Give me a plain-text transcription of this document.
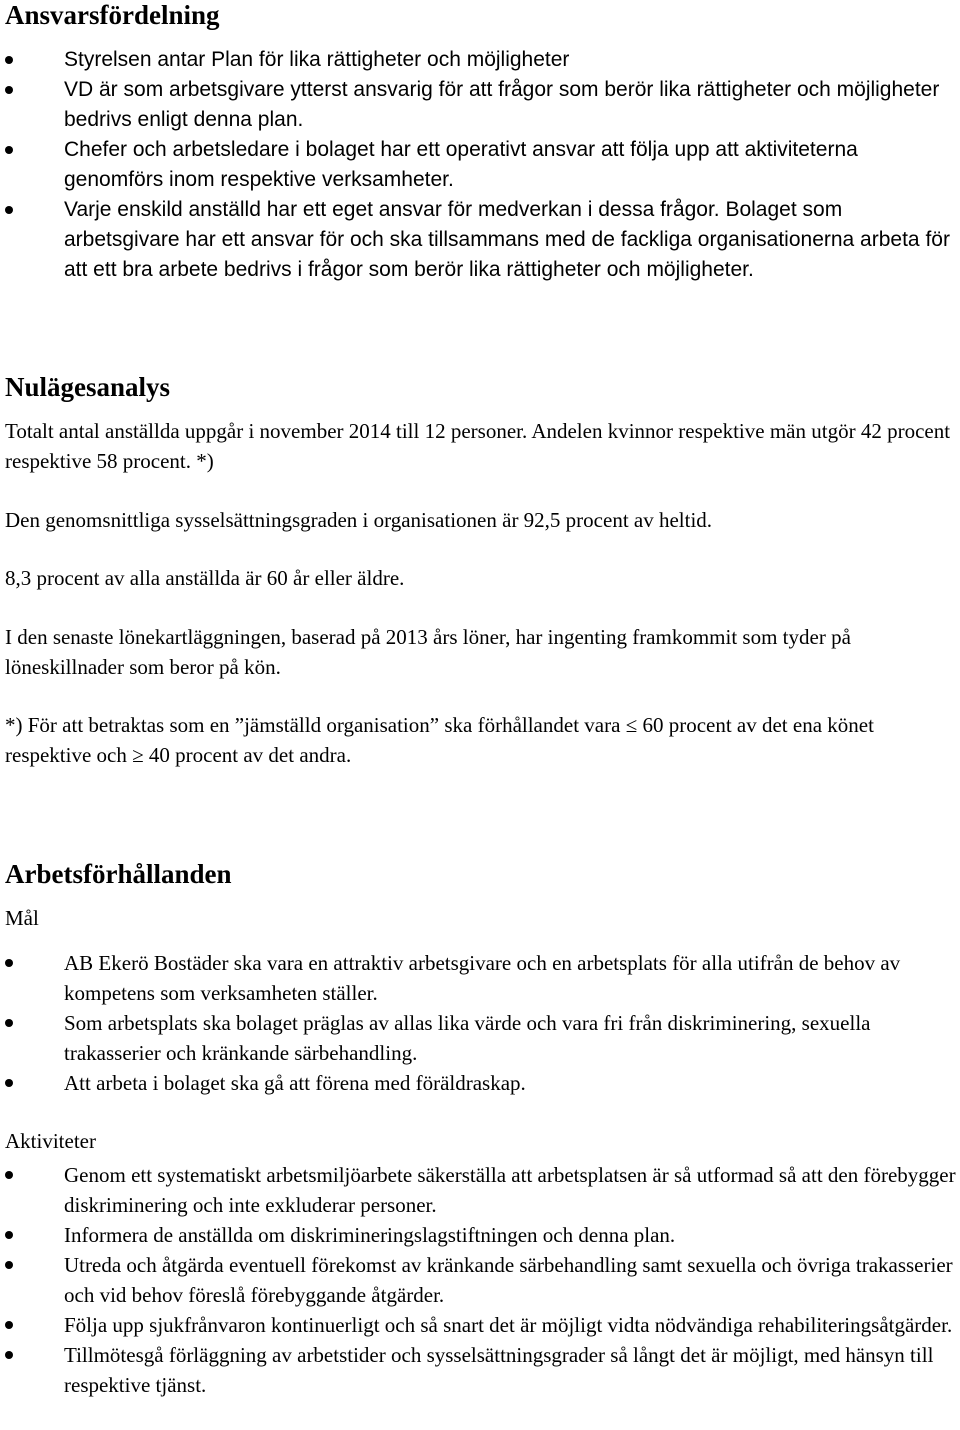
Ansvarsfördelning
Styrelsen antar Plan för lika rättigheter och möjligheter
VD är som arbetsgivare ytterst ansvarig för att frågor som berör lika rättigheter och möjligheter bedrivs enligt denna plan.
Chefer och arbetsledare i bolaget har ett operativt ansvar att följa upp att aktiviteterna genomförs inom respektive verksamheter.
Varje enskild anställd har ett eget ansvar för medverkan i dessa frågor. Bolaget som arbetsgivare har ett ansvar för och ska tillsammans med de fackliga organisationerna arbeta för att ett bra arbete bedrivs i frågor som berör lika rättigheter och möjligheter.
Nulägesanalys

Totalt antal anställda uppgår i november 2014 till 12 personer. Andelen kvinnor respektive män utgör 42 procent respektive 58 procent. *)

Den genomsnittliga sysselsättningsgraden i organisationen är 92,5 procent av heltid.

8,3 procent av alla anställda är 60 år eller äldre.

I den senaste lönekartläggningen, baserad på 2013 års löner, har ingenting framkommit som tyder på löneskillnader som beror på kön.

*) För att betraktas som en ”jämställd organisation” ska förhållandet vara ≤ 60 procent av det ena könet respektive och ≥ 40 procent av det andra.

Arbetsförhållanden
Mål
AB Ekerö Bostäder ska vara en attraktiv arbetsgivare och en arbetsplats för alla utifrån de behov av kompetens som verksamheten ställer.
Som arbetsplats ska bolaget präglas av allas lika värde och vara fri från diskriminering, sexuella trakasserier och kränkande särbehandling.
Att arbeta i bolaget ska gå att förena med föräldraskap.
Aktiviteter
Genom ett systematiskt arbetsmiljöarbete säkerställa att arbetsplatsen är så utformad så att den förebygger diskriminering och inte exkluderar personer.
Informera de anställda om diskrimineringslagstiftningen och denna plan.
Utreda och åtgärda eventuell förekomst av kränkande särbehandling samt sexuella och övriga trakasserier och vid behov föreslå förebyggande åtgärder.
Följa upp sjukfrånvaron kontinuerligt och så snart det är möjligt vidta nödvändiga rehabiliteringsåtgärder.
Tillmötesgå förläggning av arbetstider och sysselsättningsgrader så långt det är möjligt, med hänsyn till respektive tjänst.
